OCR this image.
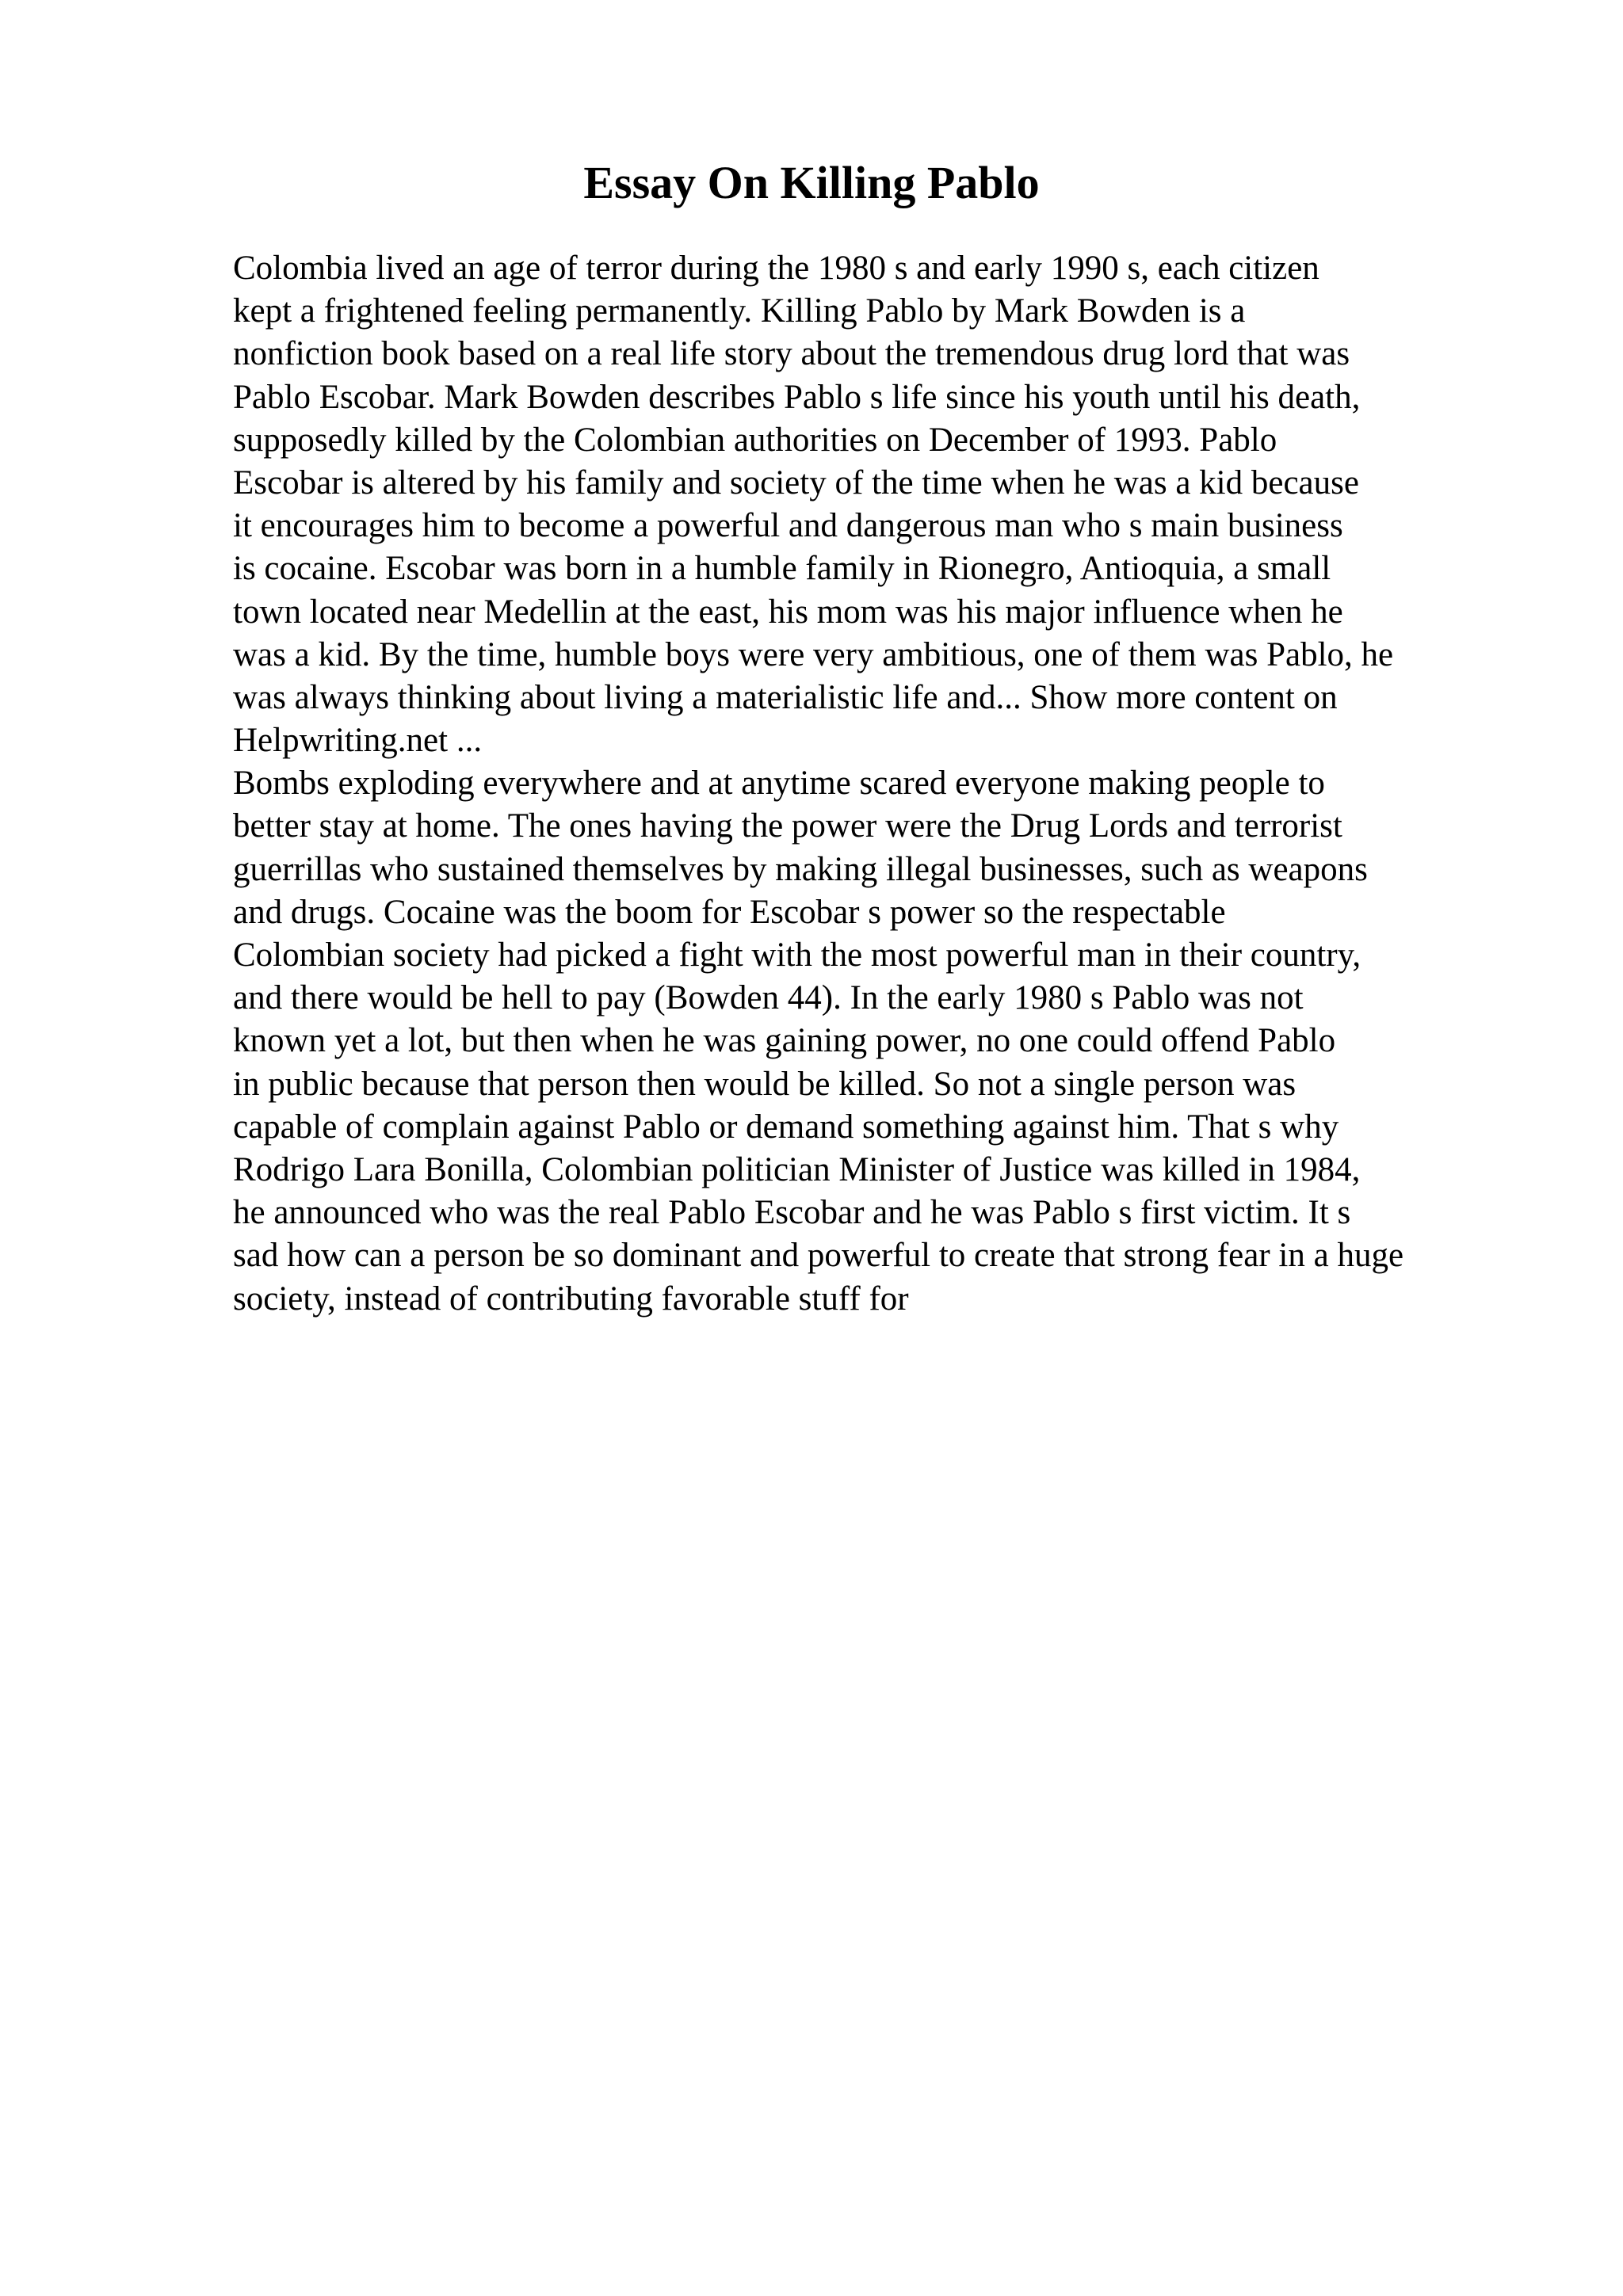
Essay On Killing Pablo
Colombia lived an age of terror during the 1980 s and early 1990 s, each citizen
kept a frightened feeling permanently. Killing Pablo by Mark Bowden is a
nonfiction book based on a real life story about the tremendous drug lord that was
Pablo Escobar. Mark Bowden describes Pablo s life since his youth until his death,
supposedly killed by the Colombian authorities on December of 1993. Pablo
Escobar is altered by his family and society of the time when he was a kid because
it encourages him to become a powerful and dangerous man who s main business
is cocaine. Escobar was born in a humble family in Rionegro, Antioquia, a small
town located near Medellin at the east, his mom was his major influence when he
was a kid. By the time, humble boys were very ambitious, one of them was Pablo, he
was always thinking about living a materialistic life and... Show more content on
Helpwriting.net ...
Bombs exploding everywhere and at anytime scared everyone making people to
better stay at home. The ones having the power were the Drug Lords and terrorist
guerrillas who sustained themselves by making illegal businesses, such as weapons
and drugs. Cocaine was the boom for Escobar s power so the respectable
Colombian society had picked a fight with the most powerful man in their country,
and there would be hell to pay (Bowden 44). In the early 1980 s Pablo was not
known yet a lot, but then when he was gaining power, no one could offend Pablo
in public because that person then would be killed. So not a single person was
capable of complain against Pablo or demand something against him. That s why
Rodrigo Lara Bonilla, Colombian politician Minister of Justice was killed in 1984,
he announced who was the real Pablo Escobar and he was Pablo s first victim. It s
sad how can a person be so dominant and powerful to create that strong fear in a huge
society, instead of contributing favorable stuff for
